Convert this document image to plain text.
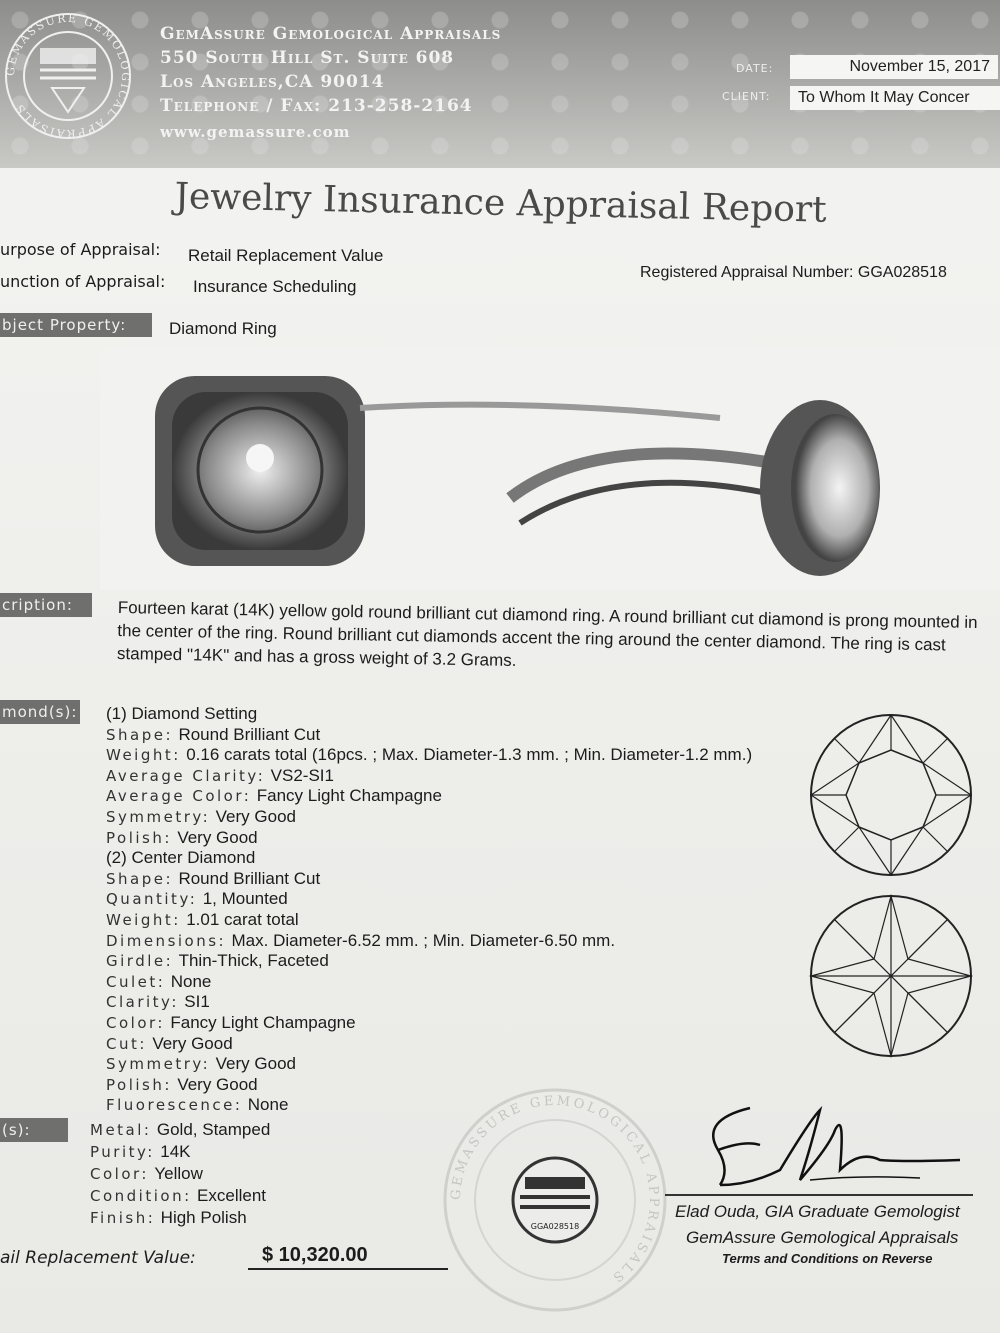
GEMASSURE GEMOLOGICAL APPRAISALS
GemAssure Gemological Appraisals
550 South Hill St. Suite 608
Los Angeles,CA 90014
Telephone / Fax: 213-258-2164
www.gemassure.com
DATE:	November 15, 2017
CLIENT:	To Whom It May Concer
Jewelry Insurance Appraisal Report
urpose of Appraisal: Retail Replacement Value
unction of Appraisal: Insurance Scheduling
Registered Appraisal Number: GGA028518
bject Property:	Diamond Ring
cription:	Fourteen karat (14K) yellow gold round brilliant cut diamond ring. A round brilliant cut diamond is prong mounted in the center of the ring. Round brilliant cut diamonds accent the ring around the center diamond. The ring is cast stamped "14K" and has a gross weight of 3.2 Grams.
mond(s): (1) Diamond Setting
Shape: Round Brilliant Cut
Weight: 0.16 carats total (16pcs. ; Max. Diameter-1.3 mm. ; Min. Diameter-1.2 mm.)
Average Clarity: VS2-SI1
Average Color: Fancy Light Champagne
Symmetry: Very Good
Polish: Very Good
(2) Center Diamond
Shape: Round Brilliant Cut
Quantity: 1, Mounted
Weight: 1.01 carat total
Dimensions: Max. Diameter-6.52 mm. ; Min. Diameter-6.50 mm.
Girdle: Thin-Thick, Faceted
Culet: None
Clarity: SI1
Color: Fancy Light Champagne
Cut: Very Good
Symmetry: Very Good
Polish: Very Good
Fluorescence: None
(s):	Metal: Gold, Stamped
Purity: 14K
Color: Yellow
Condition: Excellent
Finish: High Polish
GEMASSURE GEMOLOGICAL APPRAISALS
GGA028518
Elad Ouda, GIA Graduate Gemologist
GemAssure Gemological Appraisals
Terms and Conditions on Reverse
ail Replacement Value:	$ 10,320.00
